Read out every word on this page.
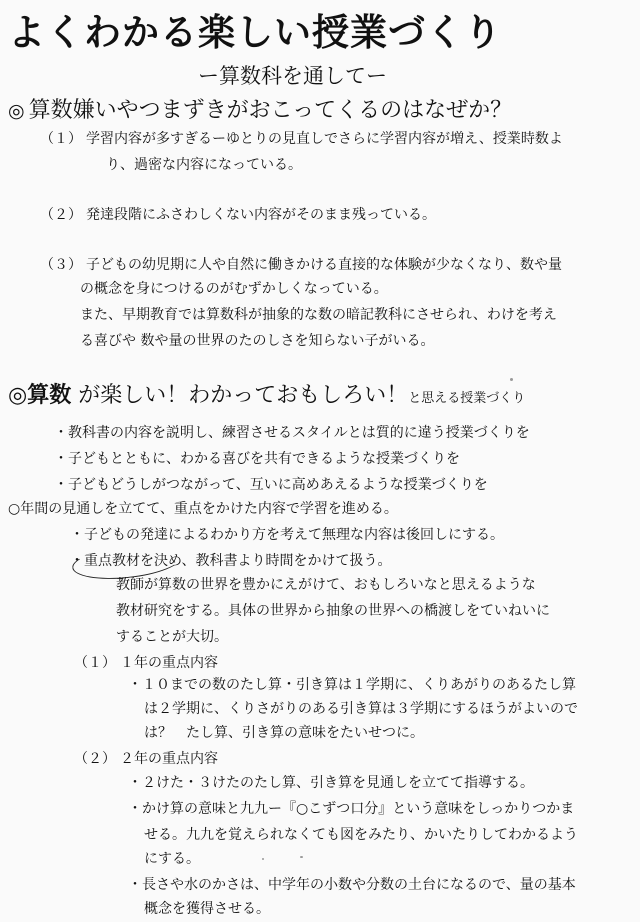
よくわかる楽しい授業づくり
ー算数科を通してー
◎ 算数嫌いやつまずきがおこってくるのはなぜか？
（１） 学習内容が多すぎるーゆとりの見直しでさらに学習内容が増え、授業時数よ
り、過密な内容になっている。
（２） 発達段階にふさわしくない内容がそのまま残っている。
（３） 子どもの幼児期に人や自然に働きかける直接的な体験が少なくなり、数や量
の概念を身につけるのがむずかしくなっている。
また、早期教育では算数科が抽象的な数の暗記教科にさせられ、わけを考え
る喜びや 数や量の世界のたのしさを知らない子がいる。
◎算数 が楽しい！わかっておもしろい！と思える授業づくり
・教科書の内容を説明し、練習させるスタイルとは質的に違う授業づくりを
・子どもとともに、わかる喜びを共有できるような授業づくりを
・子どもどうしがつながって、互いに高めあえるような授業づくりを
○年間の見通しを立てて、重点をかけた内容で学習を進める。
・子どもの発達によるわかり方を考えて無理な内容は後回しにする。
・重点教材を決め、教科書より時間をかけて扱う。
教師が算数の世界を豊かにえがけて、おもしろいなと思えるような
教材研究をする。具体の世界から抽象の世界への橋渡しをていねいに
することが大切。
（１） １年の重点内容
・１０までの数のたし算・引き算は１学期に、くりあがりのあるたし算
は２学期に、くりさがりのある引き算は３学期にするほうがよいので
は？　たし算、引き算の意味をたいせつに。
（２） ２年の重点内容
・２けた・３けたのたし算、引き算を見通しを立てて指導する。
・かけ算の意味と九九ー『○こずつ口分』という意味をしっかりつかま
せる。九九を覚えられなくても図をみたり、かいたりしてわかるよう
にする。
・長さや水のかさは、中学年の小数や分数の土台になるので、量の基本
概念を獲得させる。
